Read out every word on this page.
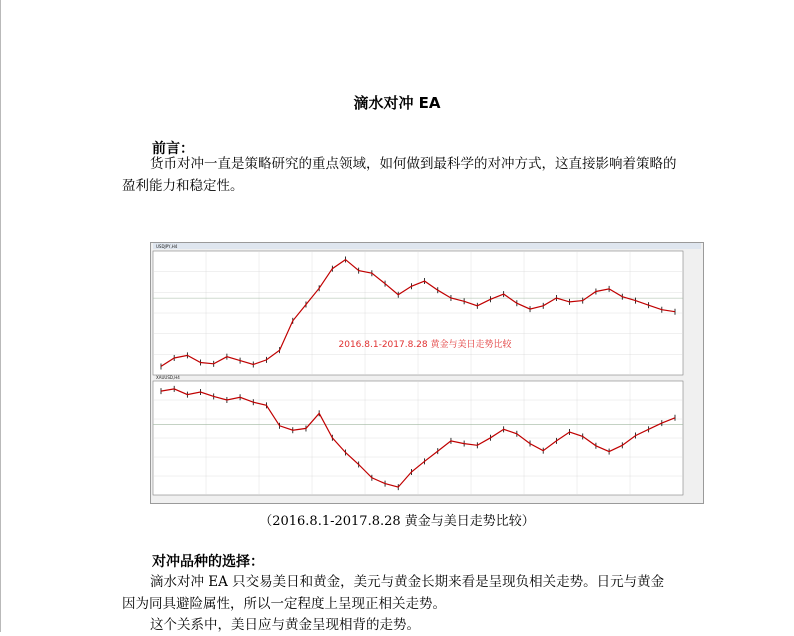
滴水对冲 EA
前言：

货币对冲一直是策略研究的重点领域，如何做到最科学的对冲方式，这直接影响着策略的盈利能力和稳定性。

USDJPY,H4
2016.8.1-2017.8.28 黄金与美日走势比较
XAUUSD,H4
（2016.8.1-2017.8.28 黄金与美日走势比较）
对冲品种的选择：

滴水对冲 EA 只交易美日和黄金，美元与黄金长期来看是呈现负相关走势。日元与黄金因为同具避险属性，所以一定程度上呈现正相关走势。

这个关系中，美日应与黄金呈现相背的走势。
